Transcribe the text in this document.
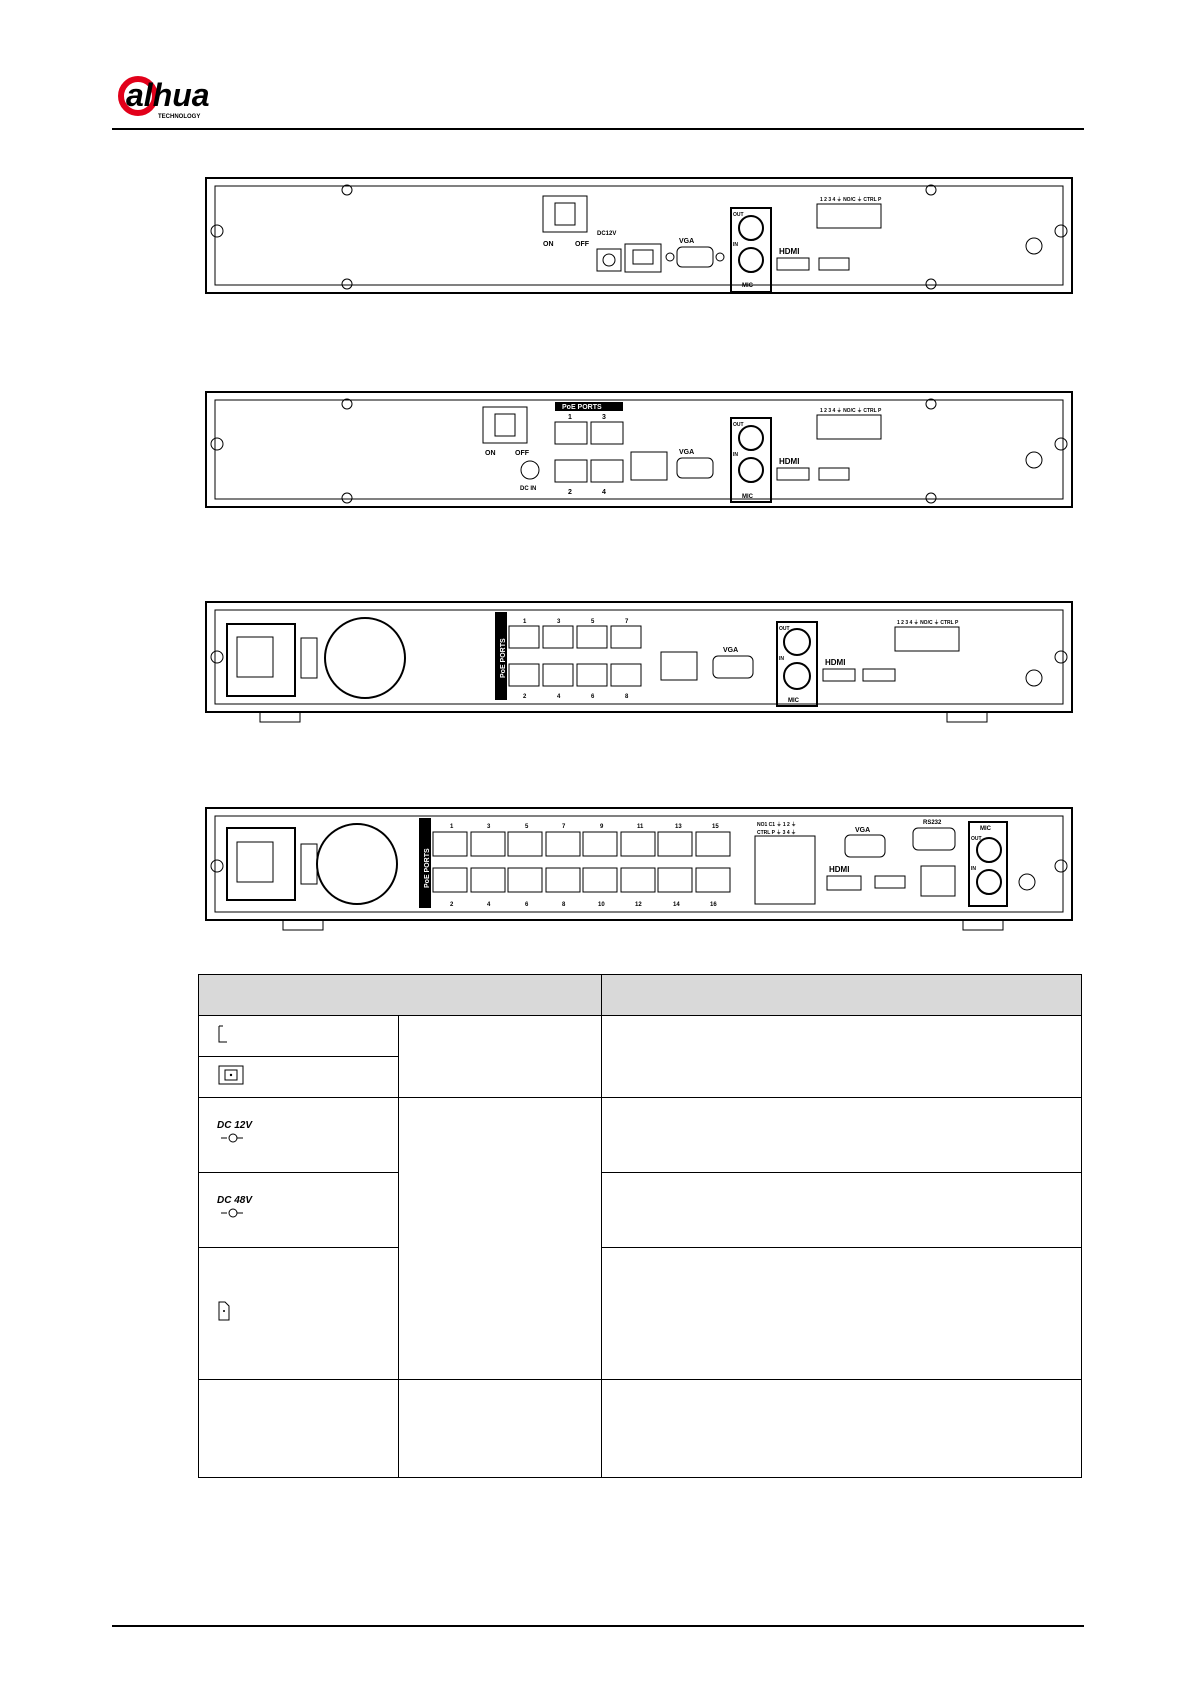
alhua
TECHNOLOGY
ON	OFF
DC12V
VGA
OUT
IN
MIC
HDMI
1 2 3 4 ⏚ NO/C ⏚ CTRL P
ON	OFF
DC IN
PoE PORTS
1	3
2	4
VGA
OUT
IN
MIC
HDMI
1 2 3 4 ⏚ NO/C ⏚ CTRL P
PoE PORTS
1	3	5	7
2	4	6	8
VGA
OUT
IN
MIC
HDMI
1 2 3 4 ⏚ NO/C ⏚ CTRL P
PoE PORTS
1	3	5	7	9	11	13	15
2	4	6	8	10	12	14	16
NO1 C1 ⏚ 1 2 ⏚
CTRL P ⏚ 3 4 ⏚	VGA
RS232
HDMI
MIC
OUT
IN

DC 12V		

DC 48V		
